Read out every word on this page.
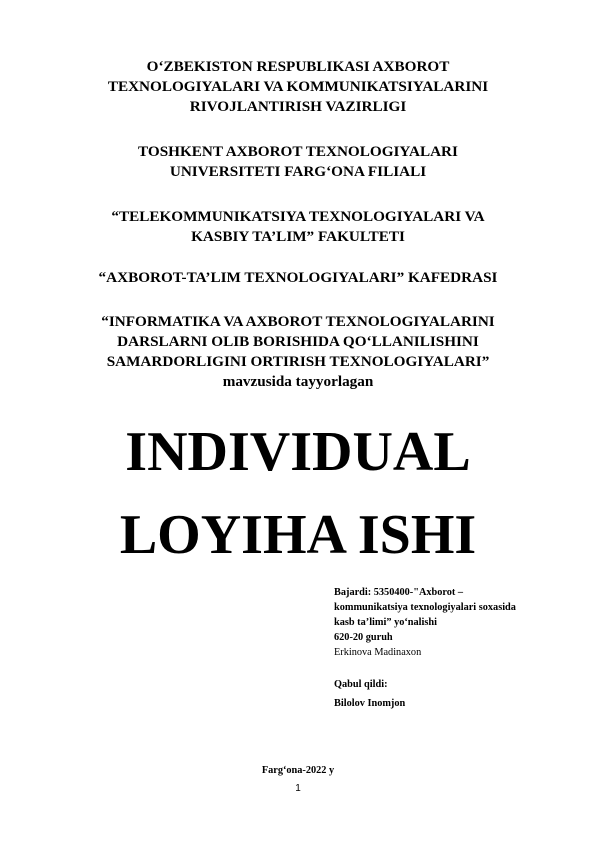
O‘ZBEKISTON RESPUBLIKASI AXBOROT
TEXNOLOGIYALARI VA KOMMUNIKATSIYALARINI
RIVOJLANTIRISH VAZIRLIGI
TOSHKENT AXBOROT TEXNOLOGIYALARI
UNIVERSITETI FARG‘ONA FILIALI
“TELEKOMMUNIKATSIYA TEXNOLOGIYALARI VA
KASBIY TA’LIM” FAKULTETI
“AXBOROT-TA’LIM TEXNOLOGIYALARI” KAFEDRASI
“INFORMATIKA VA AXBOROT TEXNOLOGIYALARINI
DARSLARNI OLIB BORISHIDA QO‘LLANILISHINI
SAMARDORLIGINI ORTIRISH TEXNOLOGIYALARI”
mavzusida tayyorlagan
INDIVIDUAL
LOYIHA ISHI
Bajardi: 5350400-"Axborot –
kommunikatsiya texnologiyalari soxasida
kasb ta’limi” yo‘nalishi
620-20 guruh
Erkinova Madinaxon
Qabul qildi:
Bilolov Inomjon
Farg‘ona-2022 y
1
